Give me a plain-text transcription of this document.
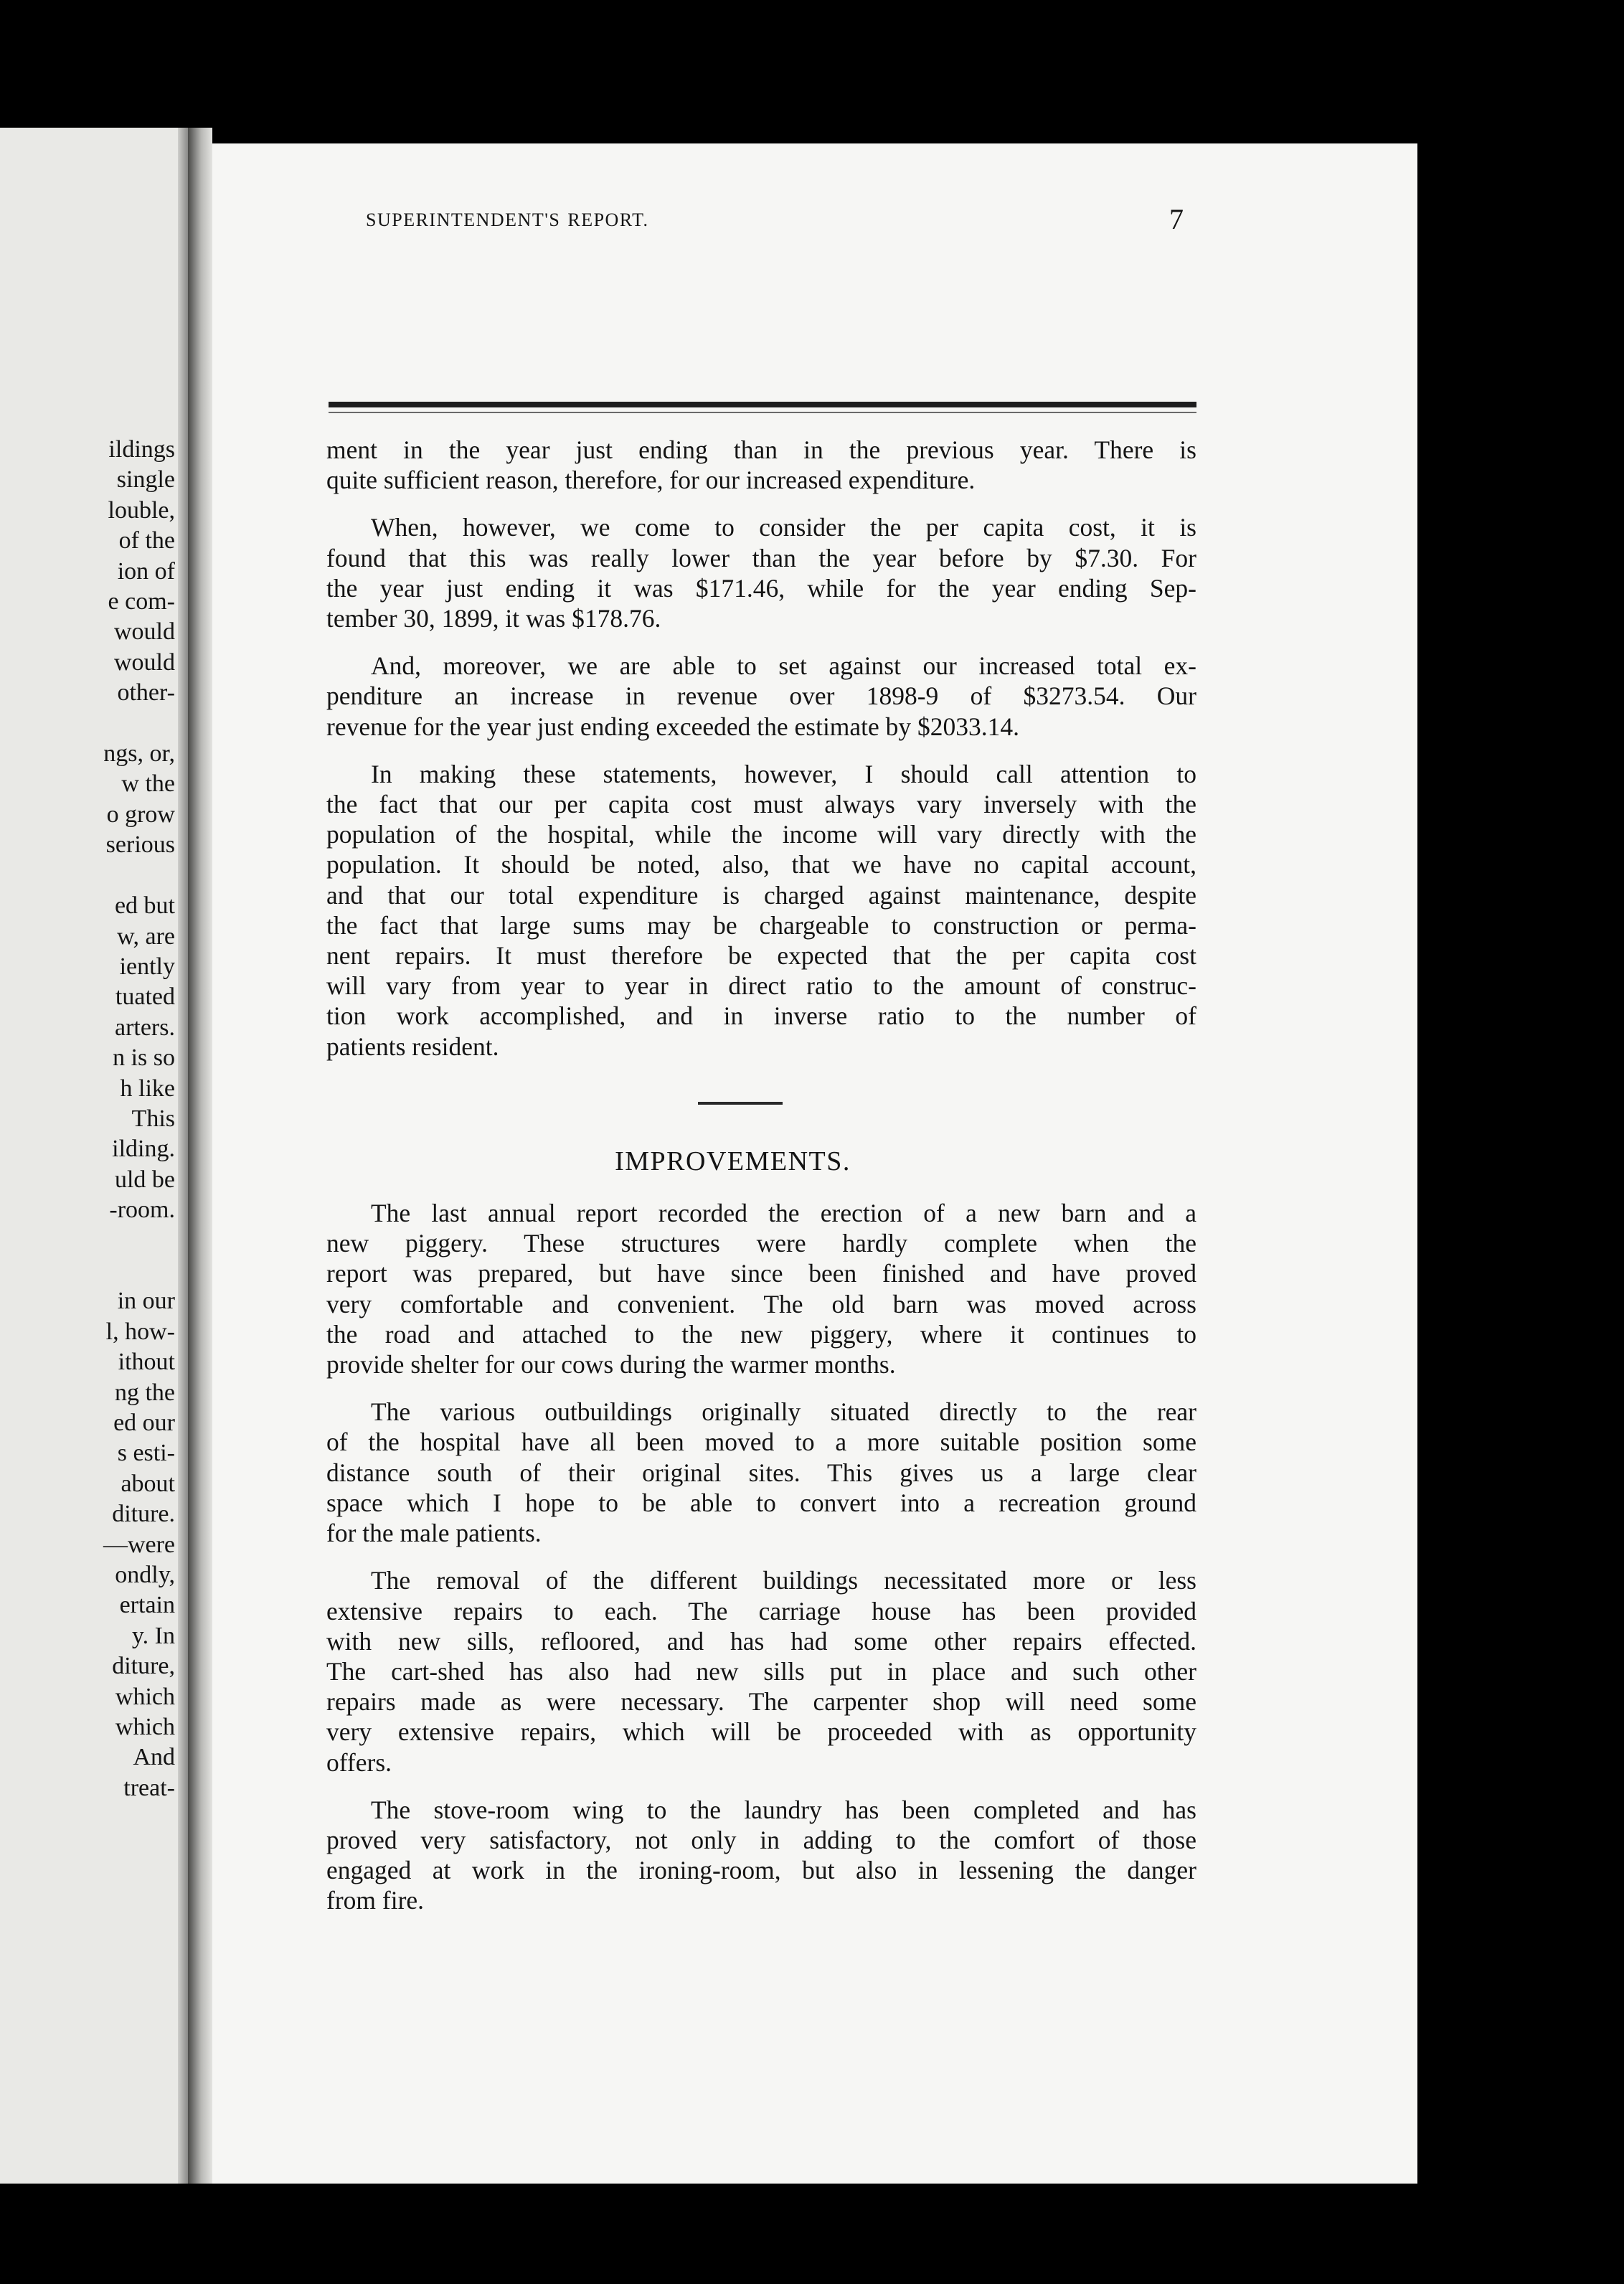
ildings
single
louble,
of the
ion of
e com-
would
would
other-

ngs, or,
w the
o grow
serious

ed but
w, are
iently
tuated
arters.
n is so
h like
This
ilding.
uld be
-room.

in our
l, how-
ithout
ng the
ed our
s esti-
about
diture.
—were
ondly,
ertain
y. In
diture,
which
which
And
treat-
SUPERINTENDENT'S REPORT.	7
ment in the year just ending than in the previous year. There is
quite sufficient reason, therefore, for our increased expenditure.
When, however, we come to consider the per capita cost, it is
found that this was really lower than the year before by $7.30. For
the year just ending it was $171.46, while for the year ending Sep-
tember 30, 1899, it was $178.76.
And, moreover, we are able to set against our increased total ex-
penditure an increase in revenue over 1898-9 of $3273.54. Our
revenue for the year just ending exceeded the estimate by $2033.14.
In making these statements, however, I should call attention to
the fact that our per capita cost must always vary inversely with the
population of the hospital, while the income will vary directly with the
population. It should be noted, also, that we have no capital account,
and that our total expenditure is charged against maintenance, despite
the fact that large sums may be chargeable to construction or perma-
nent repairs. It must therefore be expected that the per capita cost
will vary from year to year in direct ratio to the amount of construc-
tion work accomplished, and in inverse ratio to the number of
patients resident.
IMPROVEMENTS.
The last annual report recorded the erection of a new barn and a
new piggery. These structures were hardly complete when the
report was prepared, but have since been finished and have proved
very comfortable and convenient. The old barn was moved across
the road and attached to the new piggery, where it continues to
provide shelter for our cows during the warmer months.
The various outbuildings originally situated directly to the rear
of the hospital have all been moved to a more suitable position some
distance south of their original sites. This gives us a large clear
space which I hope to be able to convert into a recreation ground
for the male patients.
The removal of the different buildings necessitated more or less
extensive repairs to each. The carriage house has been provided
with new sills, refloored, and has had some other repairs effected.
The cart-shed has also had new sills put in place and such other
repairs made as were necessary. The carpenter shop will need some
very extensive repairs, which will be proceeded with as opportunity
offers.
The stove-room wing to the laundry has been completed and has
proved very satisfactory, not only in adding to the comfort of those
engaged at work in the ironing-room, but also in lessening the danger
from fire.
